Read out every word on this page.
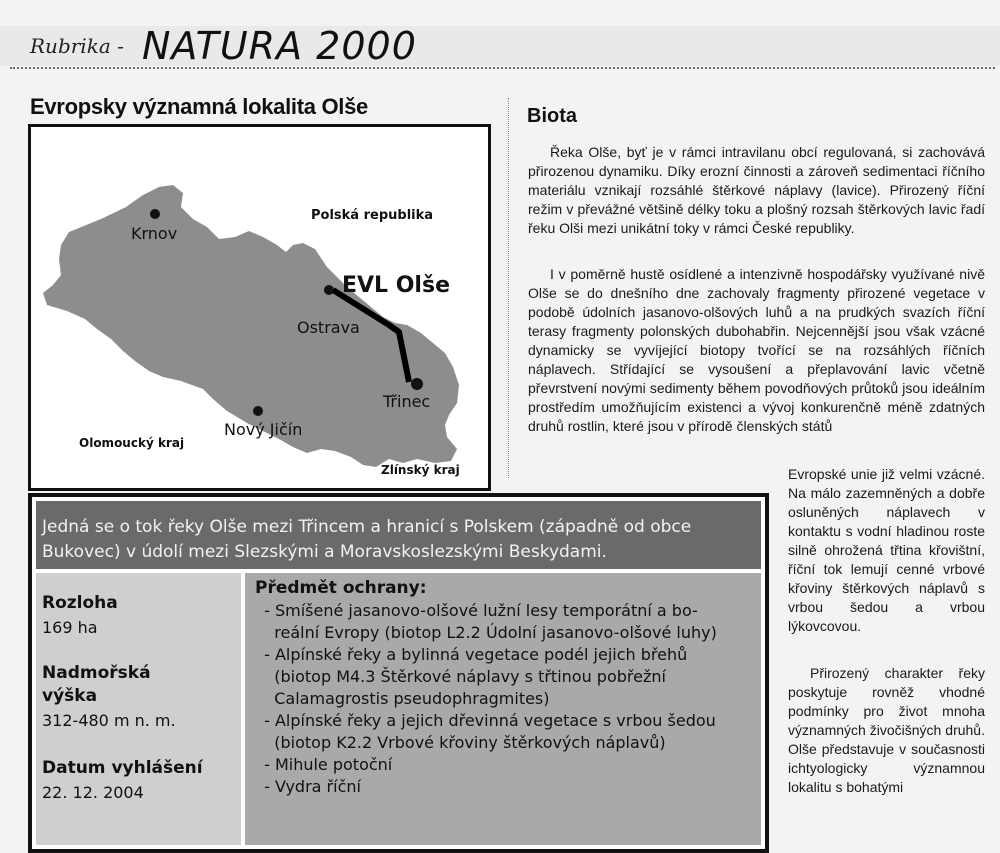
Rubrika - NATURA 2000
Evropsky významná lokalita Olše
Polská republika
EVL Olše
Krnov
Ostrava
Třinec
Nový Jičín
Olomoucký kraj
Zlínský kraj
Biota
Řeka Olše, byť je v rámci intravilanu obcí regulovaná, si zachovává přirozenou dynamiku. Díky erozní činnosti a zároveň sedimentaci říčního materiálu vznikají rozsáhlé štěrkové náplavy (lavice). Přirozený říční režim v převážné většině délky toku a plošný rozsah štěrkových lavic řadí řeku Olši mezi unikátní toky v rámci České republiky.
I v poměrně hustě osídlené a intenzivně hospodářsky využívané nivě Olše se do dnešního dne zachovaly fragmenty přirozené vegetace v podobě údolních jasanovo-olšových luhů a na prudkých svazích říční terasy fragmenty polonských dubohabřin. Nejcennější jsou však vzácné dynamicky se vyvíjející biotopy tvořící se na rozsáhlých říčních náplavech. Střídající se vysoušení a přeplavování lavic včetně převrstvení novými sedimenty během povodňových průtoků jsou ideálním prostředím umožňujícím existenci a vývoj konkurenčně méně zdatných druhů rostlin, které jsou v přírodě členských států
Evropské unie již velmi vzácné. Na málo zazemněných a dobře osluněných náplavech v kontaktu s vodní hladinou roste silně ohrožená třtina křovištní, říční tok lemují cenné vrbové křoviny štěrkových náplavů s vrbou šedou a vrbou lýkovcovou.
Přirozený charakter řeky poskytuje rovněž vhodné podmínky pro život mnoha významných živočišných druhů. Olše představuje v současnosti ichtyologicky významnou lokalitu s bohatými
Jedná se o tok řeky Olše mezi Třincem a hranicí s Polskem (západně od obce Bukovec) v údolí mezi Slezskými a Moravskoslezskými Beskydami.
Rozloha
169 ha
Nadmořská
výška
312-480 m n. m.
Datum vyhlášení
22. 12. 2004
Předmět ochrany:
- Smíšené jasanovo-olšové lužní lesy temporátní a bo-
reální Evropy (biotop L2.2 Údolní jasanovo-olšové luhy)
- Alpínské řeky a bylinná vegetace podél jejich břehů
(biotop M4.3 Štěrkové náplavy s třtinou pobřežní
Calamagrostis pseudophragmites)
- Alpínské řeky a jejich dřevinná vegetace s vrbou šedou
(biotop K2.2 Vrbové křoviny štěrkových náplavů)
- Mihule potoční
- Vydra říční
